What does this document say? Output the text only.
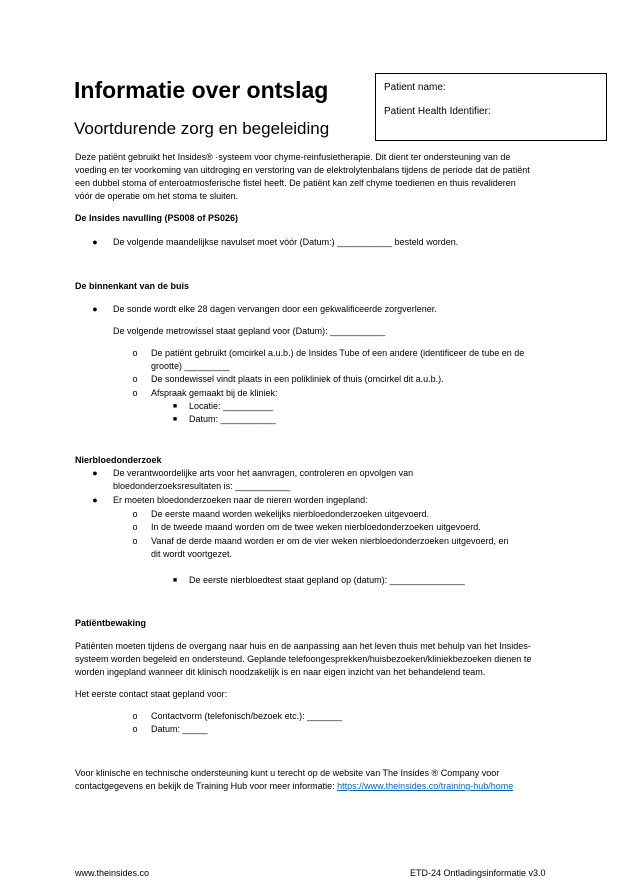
Informatie over ontslag
Voortdurende zorg en begeleiding
Patient name:
Patient Health Identifier:
Deze patiënt gebruikt het Insides® ·systeem voor chyme-reinfusietherapie. Dit dient ter ondersteuning van de
voeding en ter voorkoming van uitdroging en verstoring van de elektrolytenbalans tijdens de periode dat de patiënt
een dubbel stoma of enteroatmosferische fistel heeft. De patiënt kan zelf chyme toedienen en thuis revalideren
vóór de operatie om het stoma te sluiten.
De Insides navulling (PS008 of PS026)
● De volgende maandelijkse navulset moet vóór (Datum:) ___________ besteld worden.
De binnenkant van de buis
● De sonde wordt elke 28 dagen vervangen door een gekwalificeerde zorgverlener.
De volgende metrowissel staat gepland voor (Datum): ___________
o De patiënt gebruikt (omcirkel a.u.b.) de Insides Tube of een andere (identificeer de tube en de
grootte) _________
o De sondewissel vindt plaats in een polikliniek of thuis (omcirkel dit a.u.b.).
o Afspraak gemaakt bij de kliniek:
■ Locatie: __________
■ Datum: ___________
Nierbloedonderzoek
● De verantwoordelijke arts voor het aanvragen, controleren en opvolgen van
bloedonderzoeksresultaten is: ___________
● Er moeten bloedonderzoeken naar de nieren worden ingepland:
o De eerste maand worden wekelijks nierbloedonderzoeken uitgevoerd.
o In de tweede maand worden om de twee weken nierbloedonderzoeken uitgevoerd.
o Vanaf de derde maand worden er om de vier weken nierbloedonderzoeken uitgevoerd, en
dit wordt voortgezet.
■ De eerste nierbloedtest staat gepland op (datum): _______________
Patiëntbewaking
Patiënten moeten tijdens de overgang naar huis en de aanpassing aan het leven thuis met behulp van het Insides-
systeem worden begeleid en ondersteund. Geplande telefoongesprekken/huisbezoeken/kliniekbezoeken dienen te
worden ingepland wanneer dit klinisch noodzakelijk is en naar eigen inzicht van het behandelend team.
Het eerste contact staat gepland voor:
o Contactvorm (telefonisch/bezoek etc.): _______
o Datum: _____
Voor klinische en technische ondersteuning kunt u terecht op de website van The Insides ® Company voor
contactgegevens en bekijk de Training Hub voor meer informatie: https://www.theinsides.co/training-hub/home
www.theinsides.co	ETD-24 Ontladingsinformatie v3.0
